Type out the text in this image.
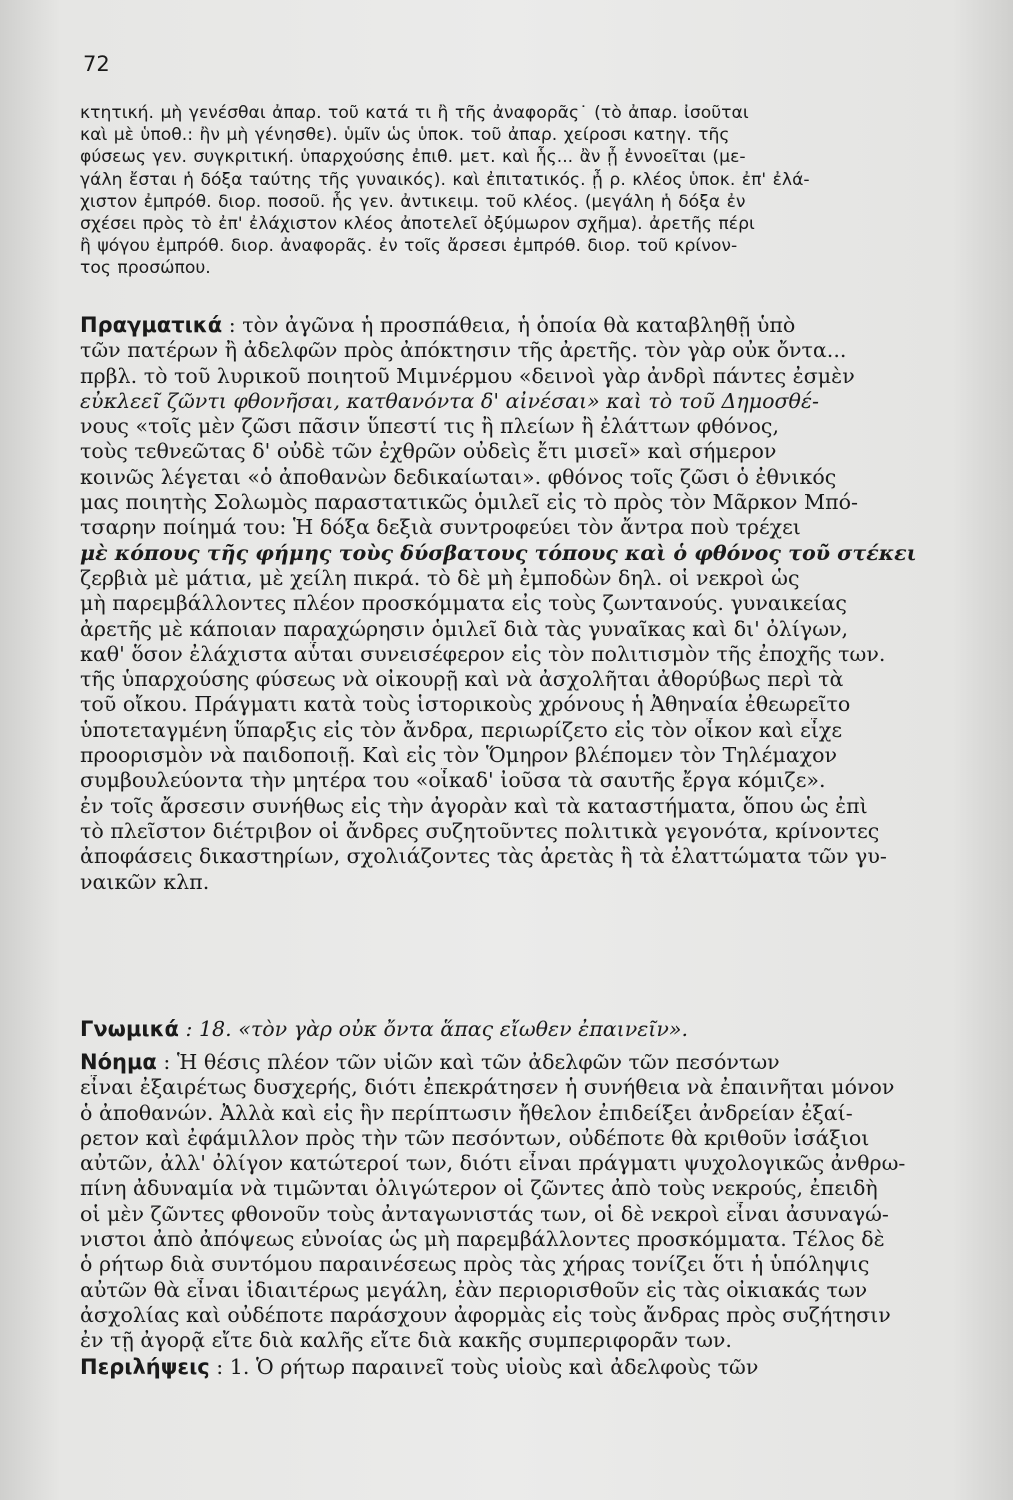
72
κτητική. μὴ γενέσθαι ἀπαρ. τοῦ κατά τι ἢ τῆς ἀναφορᾶς˙ (τὸ ἀπαρ. ἰσοῦται
καὶ μὲ ὑποθ.: ἢν μὴ γένησθε). ὑμῖν ὡς ὑποκ. τοῦ ἀπαρ. χείροσι κατηγ. τῆς
φύσεως γεν. συγκριτική. ὑπαρχούσης ἐπιθ. μετ. καὶ ἧς... ἂν ᾖ ἐννοεῖται (με-
γάλη ἔσται ἡ δόξα ταύτης τῆς γυναικός). καὶ ἐπιτατικός. ᾖ ρ. κλέος ὑποκ. ἐπ' ἐλά-
χιστον ἐμπρόθ. διορ. ποσοῦ. ἧς γεν. ἀντικειμ. τοῦ κλέος. (μεγάλη ἡ δόξα ἐν
σχέσει πρὸς τὸ ἐπ' ἐλάχιστον κλέος ἀποτελεῖ ὀξύμωρον σχῆμα). ἀρετῆς πέρι
ἢ ψόγου ἐμπρόθ. διορ. ἀναφορᾶς. ἐν τοῖς ἄρσεσι ἐμπρόθ. διορ. τοῦ κρίνον-
τος προσώπου.
Πραγματικά : τὸν ἀγῶνα ἡ προσπάθεια, ἡ ὁποία θὰ καταβληθῇ ὑπὸ
τῶν πατέρων ἢ ἀδελφῶν πρὸς ἀπόκτησιν τῆς ἀρετῆς. τὸν γὰρ οὐκ ὄντα...
πρβλ. τὸ τοῦ λυρικοῦ ποιητοῦ Μιμνέρμου «δεινοὶ γὰρ ἀνδρὶ πάντες ἐσμὲν
εὐκλεεῖ ζῶντι φθονῆσαι, κατθανόντα δ' αἰνέσαι» καὶ τὸ τοῦ Δημοσθέ-
νους «τοῖς μὲν ζῶσι πᾶσιν ὕπεστί τις ἢ πλείων ἢ ἐλάττων φθόνος,
τοὺς τεθνεῶτας δ' οὐδὲ τῶν ἐχθρῶν οὐδεὶς ἔτι μισεῖ» καὶ σήμερον
κοινῶς λέγεται «ὁ ἀποθανὼν δεδικαίωται». φθόνος τοῖς ζῶσι ὁ ἐθνικός
μας ποιητὴς Σολωμὸς παραστατικῶς ὁμιλεῖ εἰς τὸ πρὸς τὸν Μᾶρκον Μπό-
τσαρην ποίημά του: Ἡ δόξα δεξιὰ συντροφεύει τὸν ἄντρα ποὺ τρέχει
μὲ κόπους τῆς φήμης τοὺς δύσβατους τόπους καὶ ὁ φθόνος τοῦ στέκει
ζερβιὰ μὲ μάτια, μὲ χείλη πικρά. τὸ δὲ μὴ ἐμποδὼν δηλ. οἱ νεκροὶ ὡς
μὴ παρεμβάλλοντες πλέον προσκόμματα εἰς τοὺς ζωντανούς. γυναικείας
ἀρετῆς μὲ κάποιαν παραχώρησιν ὁμιλεῖ διὰ τὰς γυναῖκας καὶ δι' ὀλίγων,
καθ' ὅσον ἐλάχιστα αὗται συνεισέφερον εἰς τὸν πολιτισμὸν τῆς ἐποχῆς των.
τῆς ὑπαρχούσης φύσεως νὰ οἰκουρῇ καὶ νὰ ἀσχολῆται ἀθορύβως περὶ τὰ
τοῦ οἴκου. Πράγματι κατὰ τοὺς ἱστορικοὺς χρόνους ἡ Ἀθηναία ἐθεωρεῖτο
ὑποτεταγμένη ὕπαρξις εἰς τὸν ἄνδρα, περιωρίζετο εἰς τὸν οἶκον καὶ εἶχε
προορισμὸν νὰ παιδοποιῇ. Καὶ εἰς τὸν Ὅμηρον βλέπομεν τὸν Τηλέμαχον
συμβουλεύοντα τὴν μητέρα του «οἶκαδ' ἰοῦσα τὰ σαυτῆς ἔργα κόμιζε».
ἐν τοῖς ἄρσεσιν συνήθως εἰς τὴν ἀγορὰν καὶ τὰ καταστήματα, ὅπου ὡς ἐπὶ
τὸ πλεῖστον διέτριβον οἱ ἄνδρες συζητοῦντες πολιτικὰ γεγονότα, κρίνοντες
ἀποφάσεις δικαστηρίων, σχολιάζοντες τὰς ἀρετὰς ἢ τὰ ἐλαττώματα τῶν γυ-
ναικῶν κλπ.
Γνωμικά : 18. «τὸν γὰρ οὐκ ὄντα ἅπας εἴωθεν ἐπαινεῖν».
Νόημα : Ἡ θέσις πλέον τῶν υἱῶν καὶ τῶν ἀδελφῶν τῶν πεσόντων
εἶναι ἐξαιρέτως δυσχερής, διότι ἐπεκράτησεν ἡ συνήθεια νὰ ἐπαινῆται μόνον
ὁ ἀποθανών. Ἀλλὰ καὶ εἰς ἣν περίπτωσιν ἤθελον ἐπιδείξει ἀνδρείαν ἐξαί-
ρετον καὶ ἐφάμιλλον πρὸς τὴν τῶν πεσόντων, οὐδέποτε θὰ κριθοῦν ἰσάξιοι
αὐτῶν, ἀλλ' ὀλίγον κατώτεροί των, διότι εἶναι πράγματι ψυχολογικῶς ἀνθρω-
πίνη ἀδυναμία νὰ τιμῶνται ὀλιγώτερον οἱ ζῶντες ἀπὸ τοὺς νεκρούς, ἐπειδὴ
οἱ μὲν ζῶντες φθονοῦν τοὺς ἀνταγωνιστάς των, οἱ δὲ νεκροὶ εἶναι ἀσυναγώ-
νιστοι ἀπὸ ἀπόψεως εὐνοίας ὡς μὴ παρεμβάλλοντες προσκόμματα. Τέλος δὲ
ὁ ρήτωρ διὰ συντόμου παραινέσεως πρὸς τὰς χήρας τονίζει ὅτι ἡ ὑπόληψις
αὐτῶν θὰ εἶναι ἰδιαιτέρως μεγάλη, ἐὰν περιορισθοῦν εἰς τὰς οἰκιακάς των
ἀσχολίας καὶ οὐδέποτε παράσχουν ἀφορμὰς εἰς τοὺς ἄνδρας πρὸς συζήτησιν
ἐν τῇ ἀγορᾷ εἴτε διὰ καλῆς εἴτε διὰ κακῆς συμπεριφορᾶν των.
Περιλήψεις : 1. Ὁ ρήτωρ παραινεῖ τοὺς υἱοὺς καὶ ἀδελφοὺς τῶν
